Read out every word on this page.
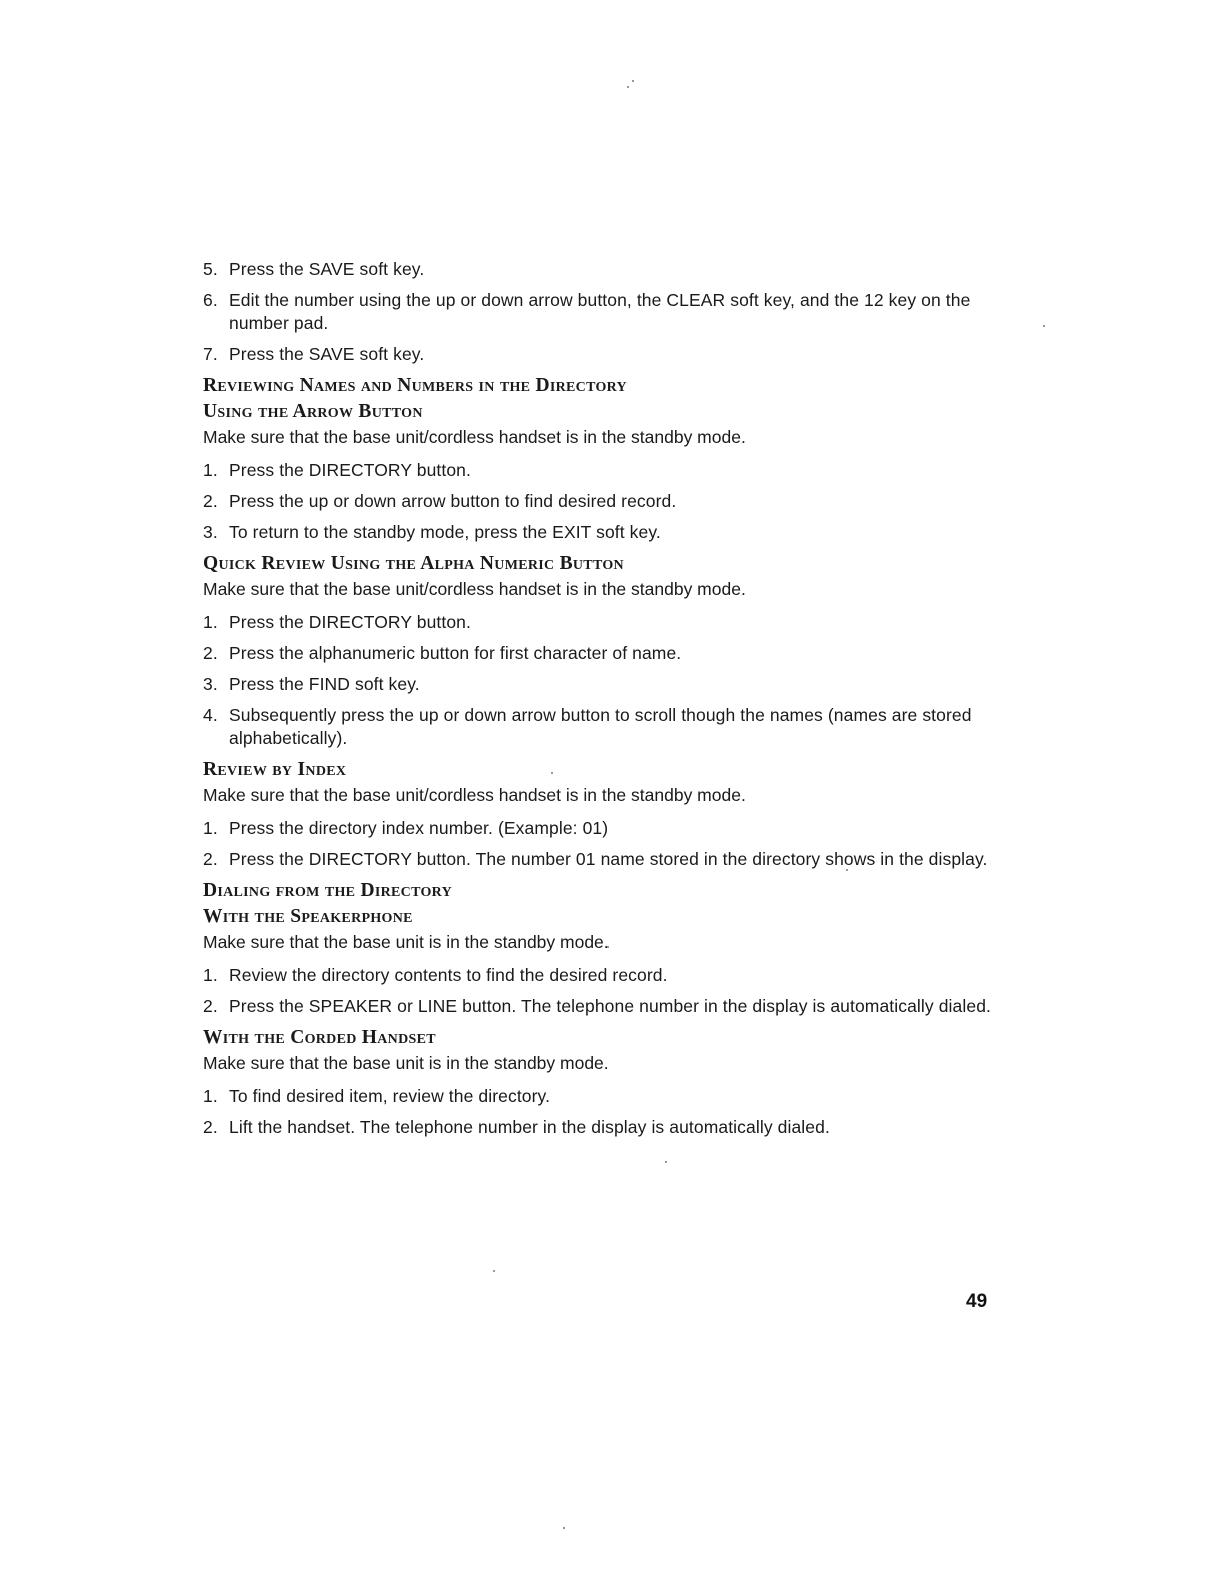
5. Press the SAVE soft key.
6. Edit the number using the up or down arrow button, the CLEAR soft key, and the 12 key on the number pad.
7. Press the SAVE soft key.
Reviewing Names and Numbers in the Directory
Using the Arrow Button

Make sure that the base unit/cordless handset is in the standby mode.

1. Press the DIRECTORY button.
2. Press the up or down arrow button to find desired record.
3. To return to the standby mode, press the EXIT soft key.
Quick Review Using the Alpha Numeric Button

Make sure that the base unit/cordless handset is in the standby mode.

1. Press the DIRECTORY button.
2. Press the alphanumeric button for first character of name.
3. Press the FIND soft key.
4. Subsequently press the up or down arrow button to scroll though the names (names are stored alphabetically).
Review by Index

Make sure that the base unit/cordless handset is in the standby mode.

1. Press the directory index number. (Example: 01)
2. Press the DIRECTORY button. The number 01 name stored in the directory shows in the display.
Dialing from the Directory
With the Speakerphone

Make sure that the base unit is in the standby mode.

1. Review the directory contents to find the desired record.
2. Press the SPEAKER or LINE button. The telephone number in the display is automatically dialed.
With the Corded Handset

Make sure that the base unit is in the standby mode.

1. To find desired item, review the directory.
2. Lift the handset. The telephone number in the display is automatically dialed.
49
